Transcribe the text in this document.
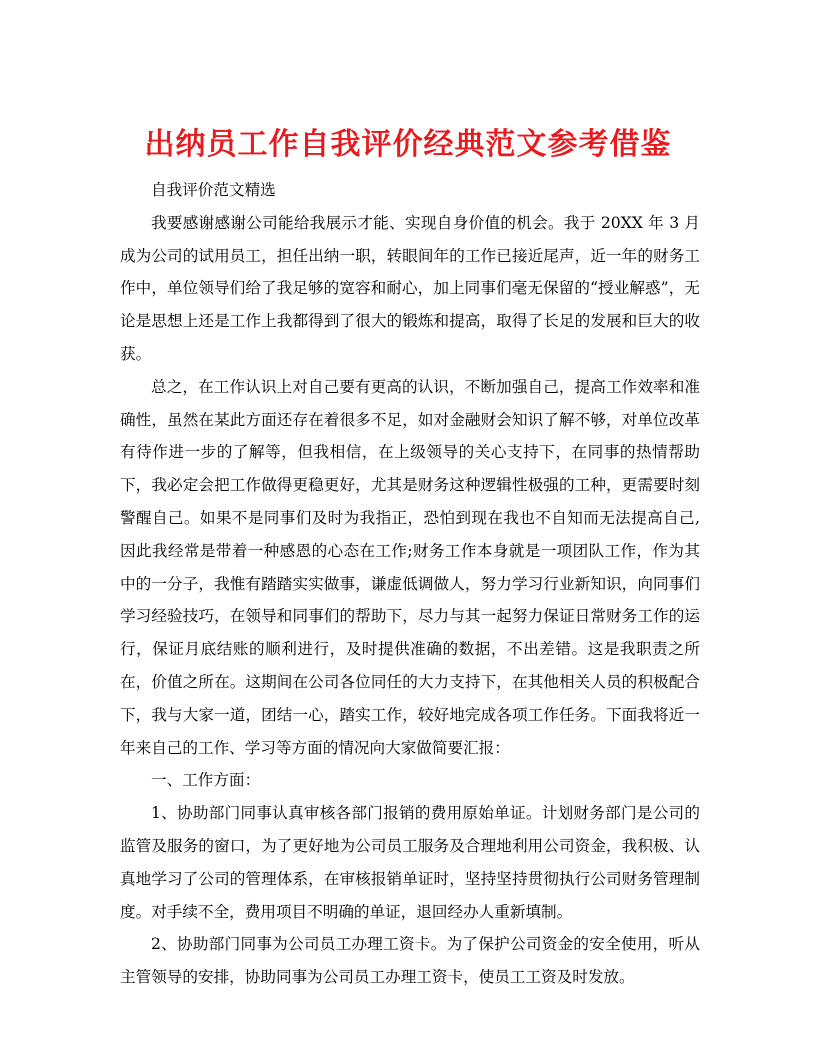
出纳员工作自我评价经典范文参考借鉴

自我评价范文精选

我要感谢感谢公司能给我展示才能、实现自身价值的机会。我于 20XX 年 3 月成为公司的试用员工，担任出纳一职，转眼间年的工作已接近尾声，近一年的财务工作中，单位领导们给了我足够的宽容和耐心，加上同事们毫无保留的“授业解惑”，无论是思想上还是工作上我都得到了很大的锻炼和提高，取得了长足的发展和巨大的收获。

总之，在工作认识上对自己要有更高的认识，不断加强自己，提高工作效率和准确性，虽然在某此方面还存在着很多不足，如对金融财会知识了解不够，对单位改革有待作进一步的了解等，但我相信，在上级领导的关心支持下，在同事的热情帮助下，我必定会把工作做得更稳更好，尤其是财务这种逻辑性极强的工种，更需要时刻警醒自己。如果不是同事们及时为我指正，恐怕到现在我也不自知而无法提高自己,因此我经常是带着一种感恩的心态在工作;财务工作本身就是一项团队工作，作为其中的一分子，我惟有踏踏实实做事，谦虚低调做人，努力学习行业新知识，向同事们学习经验技巧，在领导和同事们的帮助下，尽力与其一起努力保证日常财务工作的运行，保证月底结账的顺利进行，及时提供准确的数据，不出差错。这是我职责之所在，价值之所在。这期间在公司各位同任的大力支持下，在其他相关人员的积极配合下，我与大家一道，团结一心，踏实工作，较好地完成各项工作任务。下面我将近一年来自己的工作、学习等方面的情况向大家做简要汇报：

一、工作方面：

1、协助部门同事认真审核各部门报销的费用原始单证。计划财务部门是公司的监管及服务的窗口，为了更好地为公司员工服务及合理地利用公司资金，我积极、认真地学习了公司的管理体系，在审核报销单证时，坚持坚持贯彻执行公司财务管理制度。对手续不全，费用项目不明确的单证，退回经办人重新填制。

2、协助部门同事为公司员工办理工资卡。为了保护公司资金的安全使用，听从主管领导的安排，协助同事为公司员工办理工资卡，使员工工资及时发放。
